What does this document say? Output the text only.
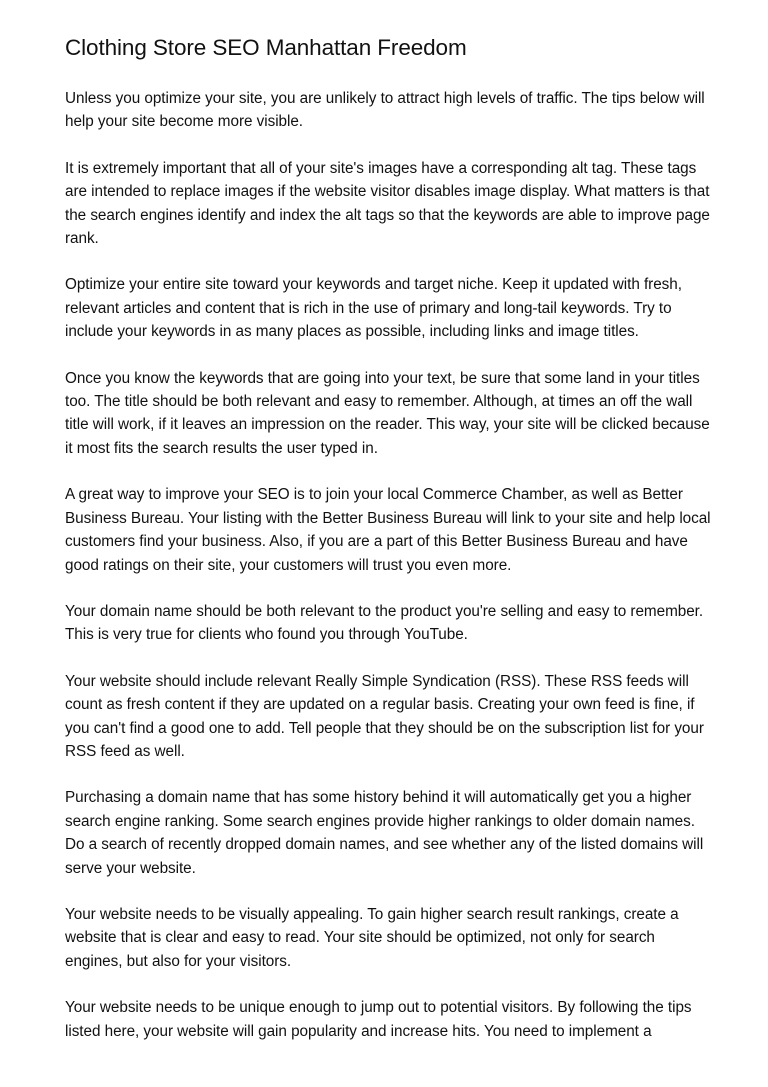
Clothing Store SEO Manhattan Freedom

Unless you optimize your site, you are unlikely to attract high levels of traffic. The tips below will help your site become more visible.

It is extremely important that all of your site's images have a corresponding alt tag. These tags are intended to replace images if the website visitor disables image display. What matters is that the search engines identify and index the alt tags so that the keywords are able to improve page rank.

Optimize your entire site toward your keywords and target niche. Keep it updated with fresh, relevant articles and content that is rich in the use of primary and long-tail keywords. Try to include your keywords in as many places as possible, including links and image titles.

Once you know the keywords that are going into your text, be sure that some land in your titles too. The title should be both relevant and easy to remember. Although, at times an off the wall title will work, if it leaves an impression on the reader. This way, your site will be clicked because it most fits the search results the user typed in.

A great way to improve your SEO is to join your local Commerce Chamber, as well as Better Business Bureau. Your listing with the Better Business Bureau will link to your site and help local customers find your business. Also, if you are a part of this Better Business Bureau and have good ratings on their site, your customers will trust you even more.

Your domain name should be both relevant to the product you're selling and easy to remember. This is very true for clients who found you through YouTube.

Your website should include relevant Really Simple Syndication (RSS). These RSS feeds will count as fresh content if they are updated on a regular basis. Creating your own feed is fine, if you can't find a good one to add. Tell people that they should be on the subscription list for your RSS feed as well.

Purchasing a domain name that has some history behind it will automatically get you a higher search engine ranking. Some search engines provide higher rankings to older domain names. Do a search of recently dropped domain names, and see whether any of the listed domains will serve your website.

Your website needs to be visually appealing. To gain higher search result rankings, create a website that is clear and easy to read. Your site should be optimized, not only for search engines, but also for your visitors.

Your website needs to be unique enough to jump out to potential visitors. By following the tips listed here, your website will gain popularity and increase hits. You need to implement a
